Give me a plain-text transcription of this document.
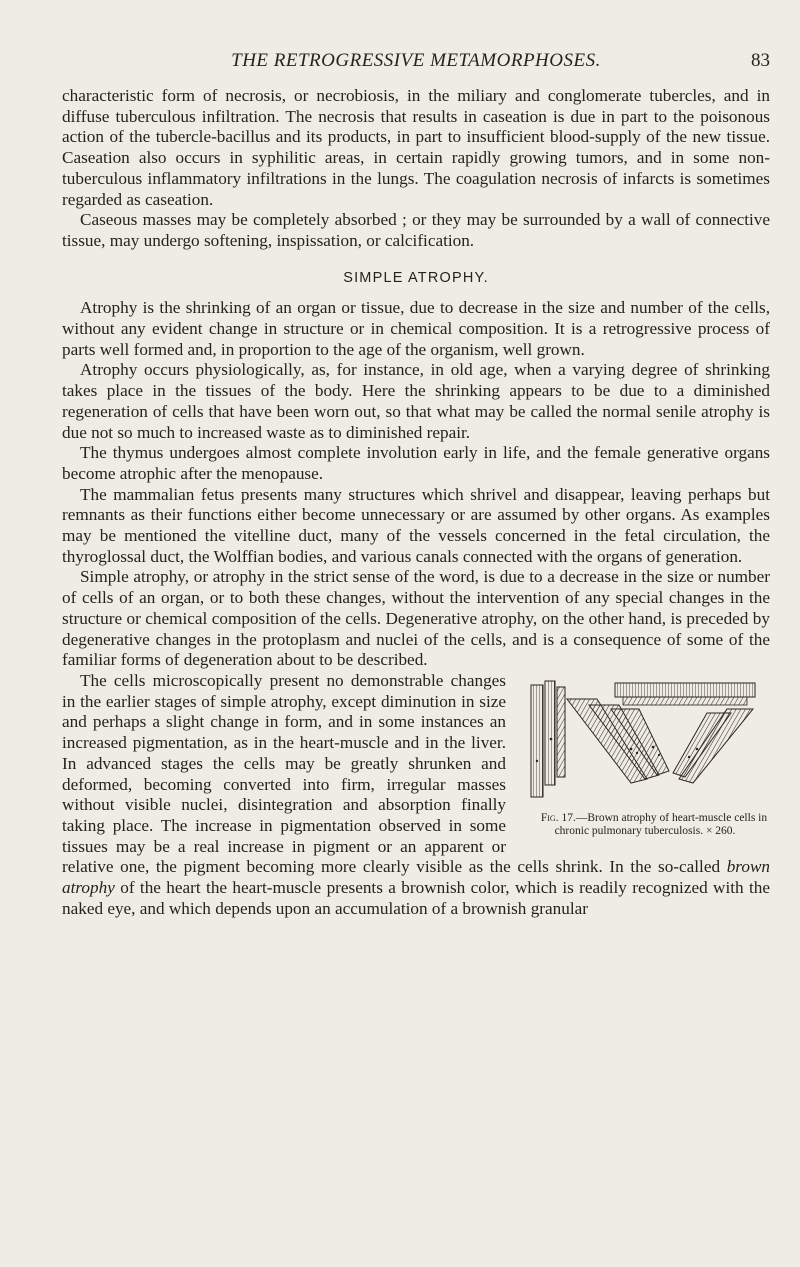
THE RETROGRESSIVE METAMORPHOSES.	83

characteristic form of necrosis, or necrobiosis, in the miliary and conglomerate tubercles, and in diffuse tuberculous infiltration. The necrosis that results in caseation is due in part to the poisonous action of the tubercle-bacillus and its products, in part to insufficient blood-supply of the new tissue. Caseation also occurs in syphilitic areas, in certain rapidly growing tumors, and in some non-tuberculous inflammatory infiltrations in the lungs. The coagulation necrosis of infarcts is sometimes regarded as caseation.

Caseous masses may be completely absorbed ; or they may be surrounded by a wall of connective tissue, may undergo softening, inspissation, or calcification.

SIMPLE ATROPHY.

Atrophy is the shrinking of an organ or tissue, due to decrease in the size and number of the cells, without any evident change in structure or in chemical composition. It is a retrogressive process of parts well formed and, in proportion to the age of the organism, well grown.

Atrophy occurs physiologically, as, for instance, in old age, when a varying degree of shrinking takes place in the tissues of the body. Here the shrinking appears to be due to a diminished regeneration of cells that have been worn out, so that what may be called the normal senile atrophy is due not so much to increased waste as to diminished repair.

The thymus undergoes almost complete involution early in life, and the female generative organs become atrophic after the menopause.

The mammalian fetus presents many structures which shrivel and disappear, leaving perhaps but remnants as their functions either become unnecessary or are assumed by other organs. As examples may be mentioned the vitelline duct, many of the vessels concerned in the fetal circulation, the thyroglossal duct, the Wolffian bodies, and various canals connected with the organs of generation.

Simple atrophy, or atrophy in the strict sense of the word, is due to a decrease in the size or number of cells of an organ, or to both these changes, without the intervention of any special changes in the structure or chemical composition of the cells. Degenerative atrophy, on the other hand, is preceded by degenerative changes in the protoplasm and nuclei of the cells, and is a consequence of some of the familiar forms of degeneration about to be described.

Fig. 17.—Brown atrophy of heart-muscle cells in chronic pulmonary tuberculosis. × 260.
The cells microscopically present no demonstrable changes in the earlier stages of simple atrophy, except diminution in size and perhaps a slight change in form, and in some instances an increased pigmentation, as in the heart-muscle and in the liver. In advanced stages the cells may be greatly shrunken and deformed, becoming converted into firm, irregular masses without visible nuclei, disintegration and absorption finally taking place. The increase in pigmentation observed in some tissues may be a real increase in pigment or an apparent or relative one, the pigment becoming more clearly visible as the cells shrink. In the so-called brown atrophy of the heart the heart-muscle presents a brownish color, which is readily recognized with the naked eye, and which depends upon an accumulation of a brownish granular
